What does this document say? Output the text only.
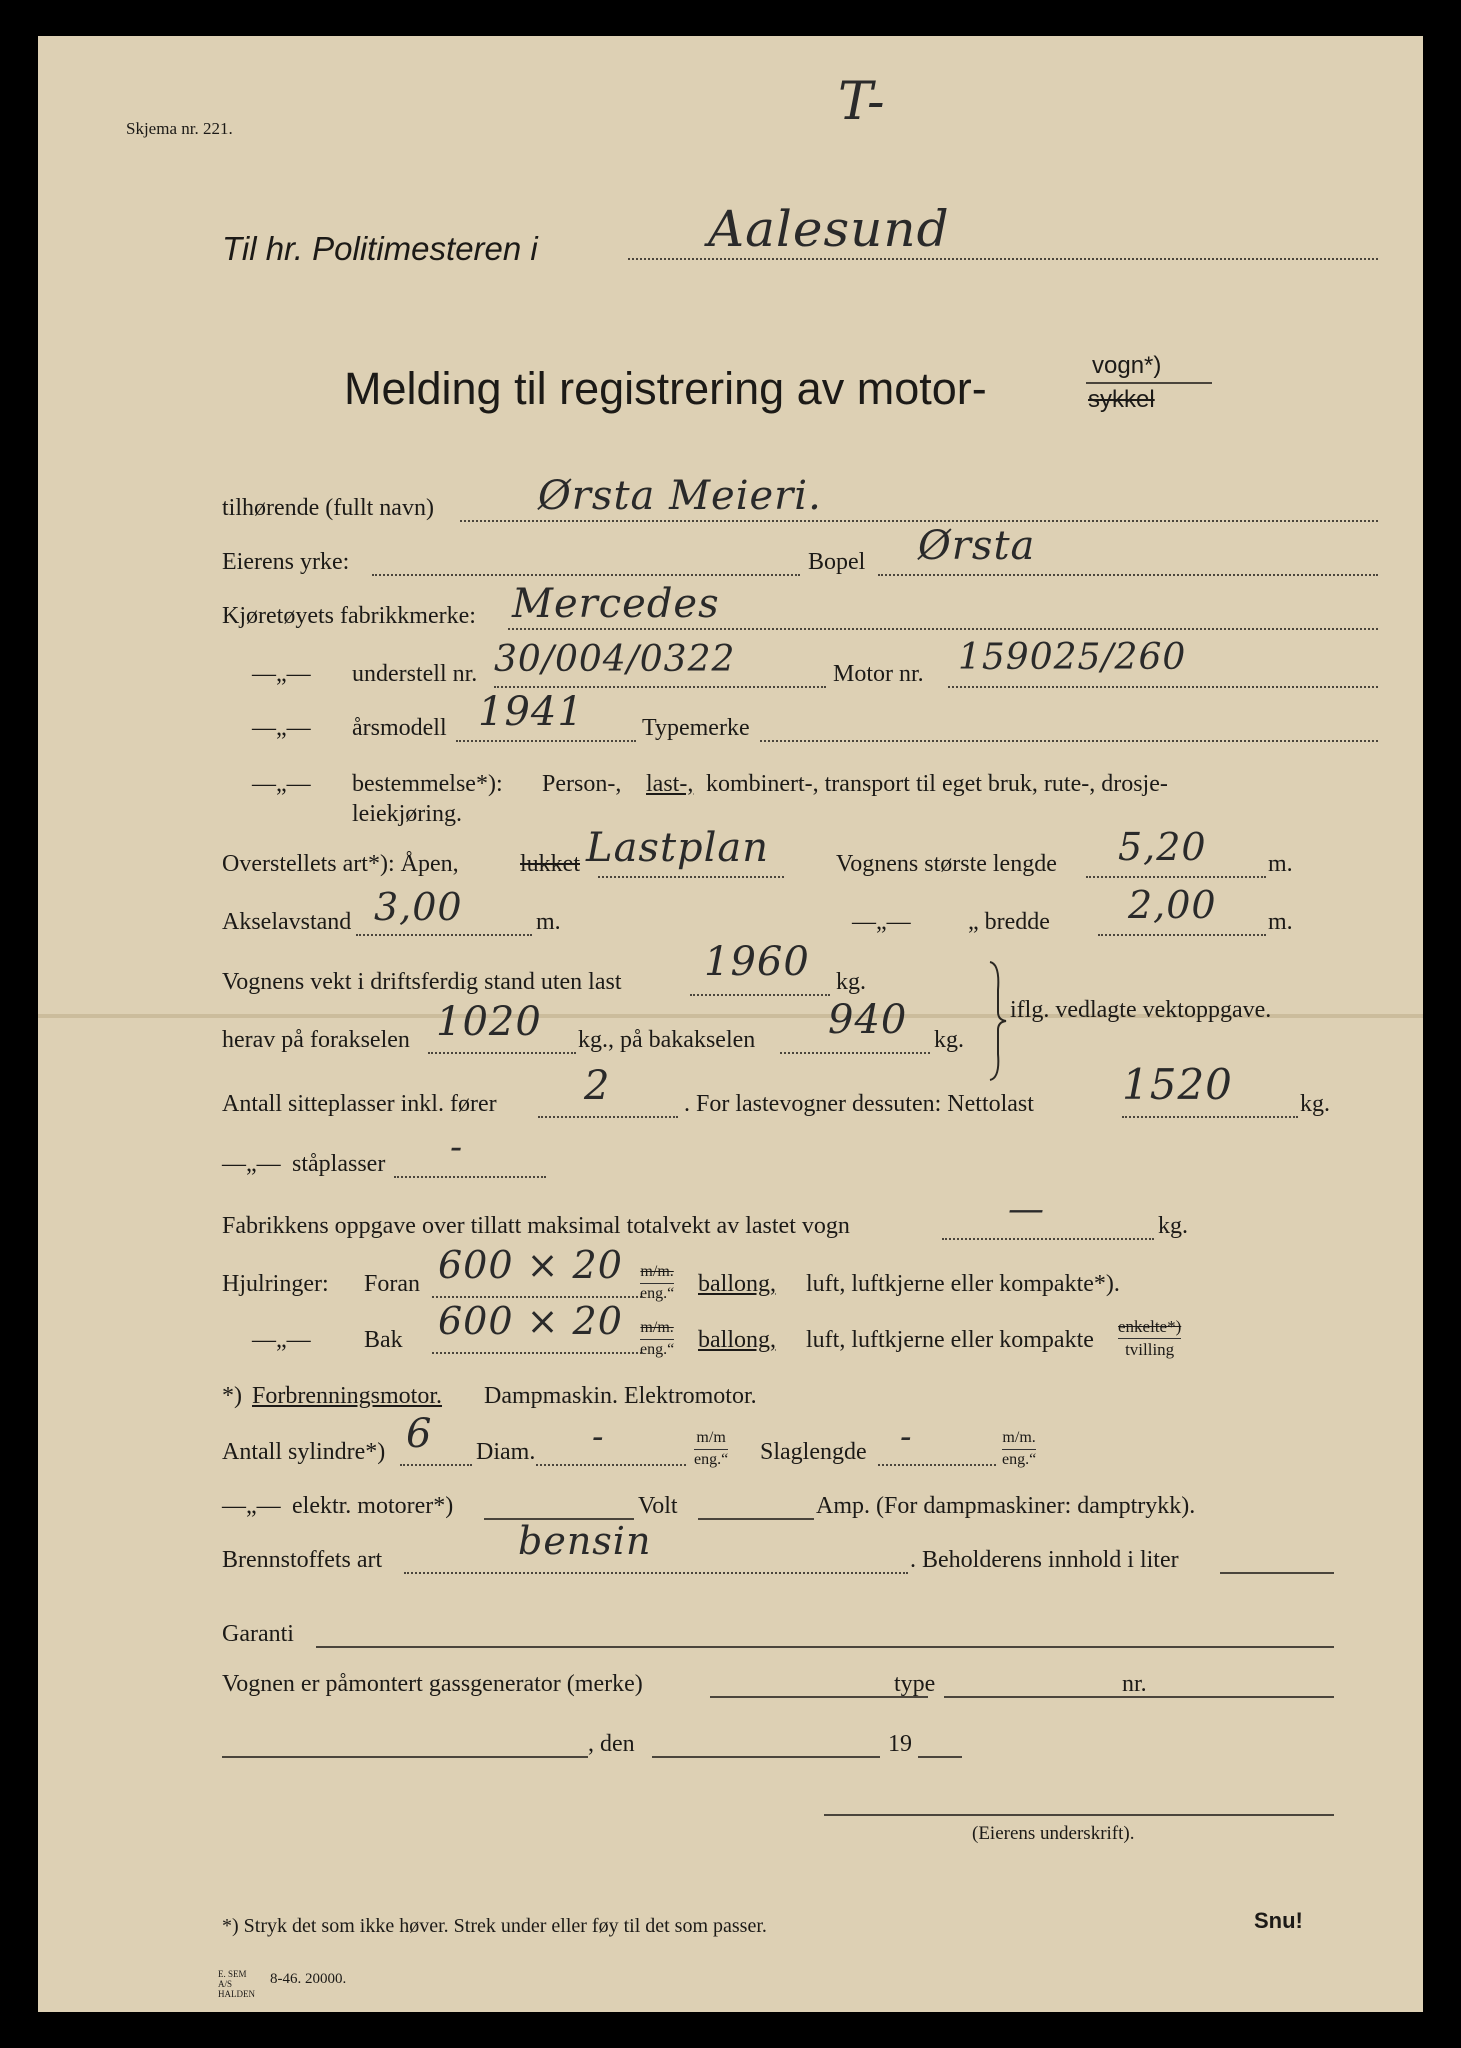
Skjema nr. 221.	T-
Til hr. Politimesteren i	Aalesund
Melding til registrering av motor-	vogn*)
sykkel
tilhørende (fullt navn)	Ørsta Meieri.
Eierens yrke:	Bopel Ørsta
Kjøretøyets fabrikkmerke: Mercedes
—„— understell nr. 30/004/0322	Motor nr. 159025/260
—„— årsmodell 1941 Typemerke
—„— bestemmelse*): Person-, last-, kombinert-, transport til eget bruk, rute-, drosje-
leiekjøring.
Overstellets art*): Åpen,	lukket Lastplan	Vognens største lengde 5,20	m.
Akselavstand 3,00	m.	—„— „ bredde 2,00 m.
Vognens vekt i driftsferdig stand uten last 1960 kg.
herav på forakselen 1020 kg., på bakakselen 940 kg.
iflg. vedlagte vektoppgave.
Antall sitteplasser inkl. fører 2	. For lastevogner dessuten: Nettolast 1520	kg.
—„— ståplasser -
Fabrikkens oppgave over tillatt maksimal totalvekt av lastet vogn	—	kg.
Hjulringer: Foran 600 × 20 m/m.
eng.“ ballong, luft, luftkjerne eller kompakte*).
—„— Bak 600 × 20 m/m.
eng.“ ballong, luft, luftkjerne eller kompakte
enkelte*)
tvilling
*) Forbrenningsmotor. Dampmaskin. Elektromotor.
Antall sylindre*) 6 Diam. -	m/m
eng.“ Slaglengde -	m/m.
eng.“
—„— elektr. motorer*)	Volt	Amp. (For dampmaskiner: damptrykk).
Brennstoffets art	bensin	. Beholderens innhold i liter
Garanti
Vognen er påmontert gassgenerator (merke)	type	nr.
, den	19
(Eierens underskrift).
*) Stryk det som ikke høver. Strek under eller føy til det som passer.	Snu!
E. SEM A/S HALDEN
8-46. 20000.
